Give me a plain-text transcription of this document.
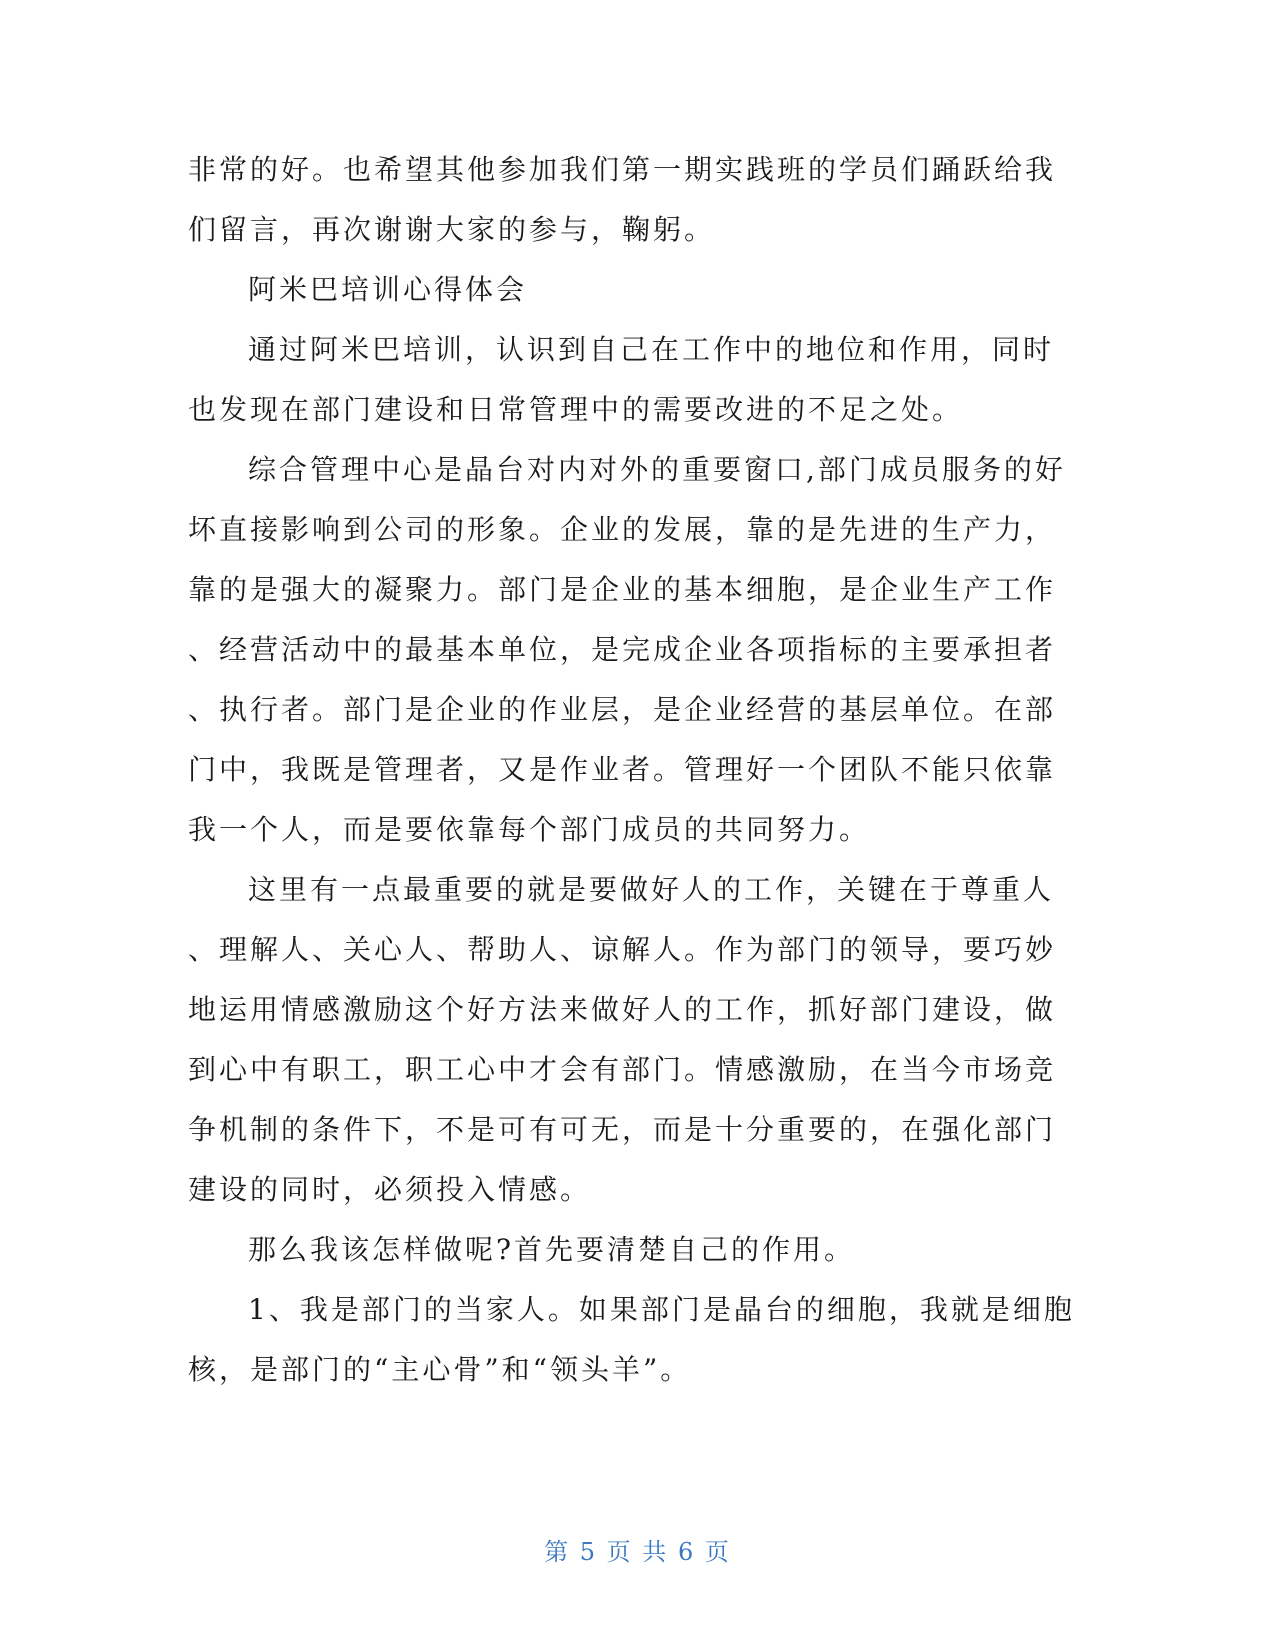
非常的好。也希望其他参加我们第一期实践班的学员们踊跃给我
们留言，再次谢谢大家的参与，鞠躬。

阿米巴培训心得体会

通过阿米巴培训，认识到自己在工作中的地位和作用，同时
也发现在部门建设和日常管理中的需要改进的不足之处。

综合管理中心是晶台对内对外的重要窗口,部门成员服务的好
坏直接影响到公司的形象。企业的发展，靠的是先进的生产力，
靠的是强大的凝聚力。部门是企业的基本细胞，是企业生产工作
、经营活动中的最基本单位，是完成企业各项指标的主要承担者
、执行者。部门是企业的作业层，是企业经营的基层单位。在部
门中，我既是管理者，又是作业者。管理好一个团队不能只依靠
我一个人，而是要依靠每个部门成员的共同努力。

这里有一点最重要的就是要做好人的工作，关键在于尊重人
、理解人、关心人、帮助人、谅解人。作为部门的领导，要巧妙
地运用情感激励这个好方法来做好人的工作，抓好部门建设，做
到心中有职工，职工心中才会有部门。情感激励，在当今市场竞
争机制的条件下，不是可有可无，而是十分重要的，在强化部门
建设的同时，必须投入情感。

那么我该怎样做呢?首先要清楚自己的作用。

1、我是部门的当家人。如果部门是晶台的细胞，我就是细胞
核，是部门的“主心骨”和“领头羊”。

第 5 页 共 6 页
